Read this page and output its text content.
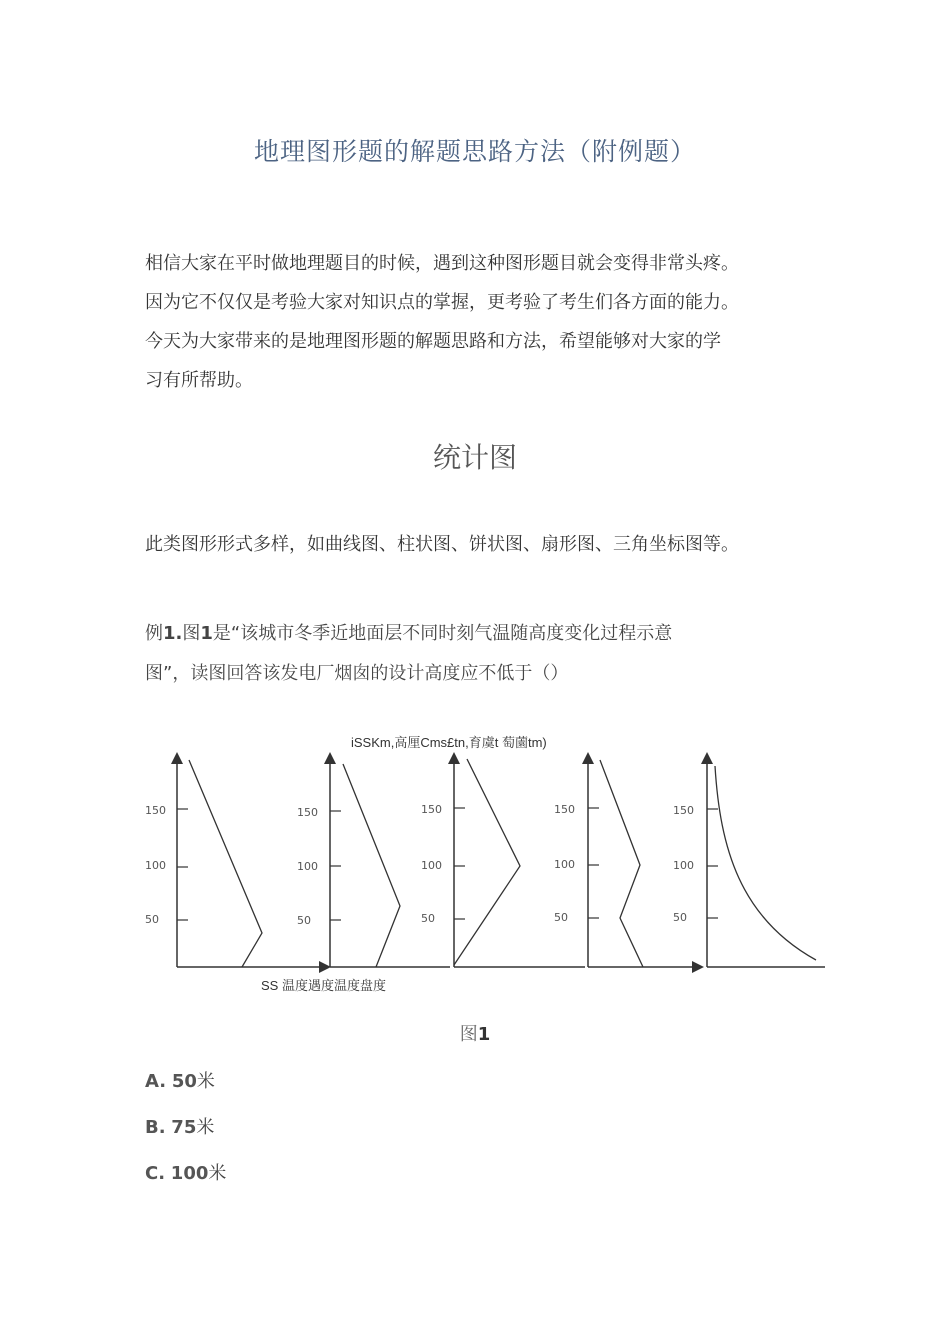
地理图形题的解题思路方法（附例题）

相信大家在平时做地理题目的时候，遇到这种图形题目就会变得非常头疼。

因为它不仅仅是考验大家对知识点的掌握，更考验了考生们各方面的能力。

今天为大家带来的是地理图形题的解题思路和方法，希望能够对大家的学

习有所帮助。

统计图
此类图形形式多样，如曲线图、柱状图、饼状图、扇形图、三角坐标图等。

例1.图1是“该城市冬季近地面层不同时刻气温随高度变化过程示意

图”，读图回答该发电厂烟囱的设计高度应不低于（）

iSSKm,高厘Cms£tn,育虞t 萄薗tm)
150
100
50
150
100
50
150
100
50
150
100
50
150
100
50
SS 温度遇度温度盘度
图1
A. 50米
B. 75米
C. 100米
